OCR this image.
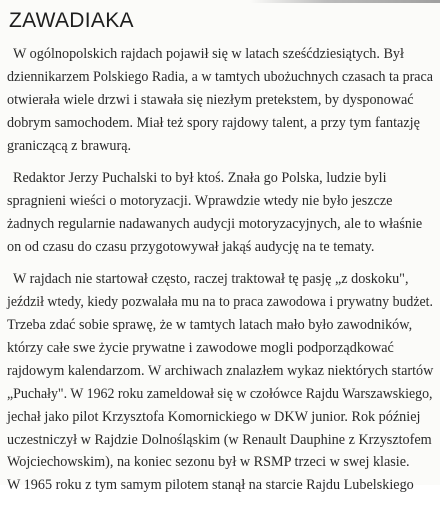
ZAWADIAKA

W ogólnopolskich rajdach pojawił się w latach sześćdziesiątych. Był
dziennikarzem Polskiego Radia, a w tamtych ubożuchnych czasach ta praca
otwierała wiele drzwi i stawała się niezłym pretekstem, by dysponować
dobrym samochodem. Miał też spory rajdowy talent, a przy tym fantazję
graniczącą z brawurą.

Redaktor Jerzy Puchalski to był ktoś. Znała go Polska, ludzie byli
spragnieni wieści o motoryzacji. Wprawdzie wtedy nie było jeszcze
żadnych regularnie nadawanych audycji motoryzacyjnych, ale to właśnie
on od czasu do czasu przygotowywał jakąś audycję na te tematy.

W rajdach nie startował często, raczej traktował tę pasję „z doskoku",
jeździł wtedy, kiedy pozwalała mu na to praca zawodowa i prywatny budżet.
Trzeba zdać sobie sprawę, że w tamtych latach mało było zawodników,
którzy całe swe życie prywatne i zawodowe mogli podporządkować
rajdowym kalendarzom. W archiwach znalazłem wykaz niektórych startów
„Puchały". W 1962 roku zameldował się w czołówce Rajdu Warszawskiego,
jechał jako pilot Krzysztofa Komornickiego w DKW junior. Rok później
uczestniczył w Rajdzie Dolnośląskim (w Renault Dauphine z Krzysztofem
Wojciechowskim), na koniec sezonu był w RSMP trzeci w swej klasie.
W 1965 roku z tym samym pilotem stanął na starcie Rajdu Lubelskiego
